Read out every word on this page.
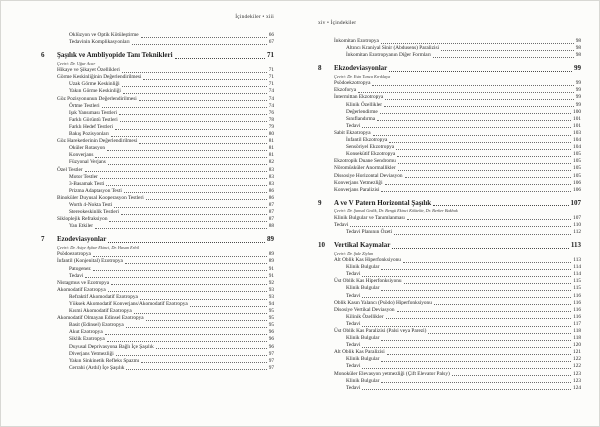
İçindekiler • xiii
Oklüzyon ve Optik Kötüleştirme	66
Tedavinin Komplikasyonları	67
6	Şaşılık ve Ambliyopide Tanı Teknikleri	71
Çeviri: Dr. Uğur Acar
Hikaye ve Şikayet Özellikleri	71
Görme Keskinliğinin Değerlendirilmesi	71
Uzak Görme Keskinliği	71
Yakın Görme Keskinliği	74
Göz Pozisyonunun Değerlendirilmesi	74
Örtme Testleri	74
Işık Yansıması Testleri	76
Farklı Görüntü Testleri	78
Farklı Hedef Testleri	79
Bakış Pozisyonları	80
Göz Hareketlerinin Değerlendirilmesi	81
Oküler Rotasyon	81
Konverjans	81
Füzyonal Verjans	82
Özel Testler	83
Motor Testler	83
3-Basamak Testi	83
Prizma Adaptasyon Testi	86
Binoküler Duyusal Kooperasyon Testleri	86
Worth 4-Nokta Testi	87
Stereokeskinlik Testleri	87
Sikloplejik Refraksiyon	87
Yan Etkiler	88
7	Ezodeviasyonlar	89
Çeviri: Dr. Asiye Aybar Ekinci, Dr. Hasan Erbil
Psödoezotropya	89
İnfantil (Konjenital) Ezotropya	89
Patogenez	91
Tedavi	91
Nistagmus ve Ezotropya	92
Akomodatif Ezotropya	93
Refraktif Akomodatif Ezotropya	93
Yüksek Akomodatif Konverjans/Akomodatif Ezotropya	94
Kısmi Akomodatif Ezotropya	95
Akomodatif Olmayan Edinsel Ezotropya	95
Basit (Edinsel) Ezotropya	95
Akut Ezotropya	96
Siklik Ezotropya	96
Duyusal Deprivasyona Bağlı İçe Şaşılık	96
Diverjans Yetmezliği	97
Yakın Sinkinetik Refleks Spazmı	97
Cerrahi (Ardıl) İçe Şaşılık	97
xiv • İçindekiler
İnkomitan Ezotropya	98
Altıncı Kraniyal Sinir (Abdusens) Paralizisi	98
İnkomitan Ezotropyanın Diğer Formları	98
8	Ekzodeviasyonlar	99
Çeviri: Dr. Esin Tunca Kırıklaya
Psödoekzotropya	99
Ekzoforya	99
İntermittan Ekzotropya	99
Klinik Özellikler	99
Değerlendirme	100
Sınıflandırma	101
Tedavi	101
Sabit Ekzotropya	103
İnfantil Ekzotropya	104
Sensöriyel Ekzotropya	104
Konsekütif Ekzotropya	105
Ekzotropik Duane Sendromu	105
Nöromüsküler Anormallikler	105
Dissosiye Horizontal Deviasyon	105
Konverjans Yetmezliği	106
Konverjans Paralizisi	106
9	A ve V Patern Horizontal Şaşılık	107
Çeviri: Dr. Şansal Gedik, Dr. Bengü Ekinci Köktekir, Dr. Berker Bakbak
Klinik Bulgular ve Tanımlanması	107
Tedavi	110
Tedavi Planının Özeti	112
10	Vertikal Kaymalar	113
Çeviri: Dr. Şule Ziylan
Alt Oblik Kas Hiperfonksiyonu	113
Klinik Bulgular	114
Tedavi	114
Üst Oblik Kas Hiperfonksiyonu	115
Klinik Bulgular	115
Tedavi	116
Oblik Kasın Yalancı (Psödo) Hiperfonksiyonu	116
Disosiye Vertikal Deviasyon	116
Kilinik Özellikler	116
Tedavi	117
Üst Oblik Kas Paralizisi (Palsi veya Parezi)	118
Klinik Bulgular	118
Tedavi	120
Alt Oblik Kas Paralizisi	121
Klinik Bulgular	122
Tedavi	122
Monoküler Elevasyon yetmezliği (Çift Elevator Palsy)	123
Klinik Bulgular	123
Tedavi	124
